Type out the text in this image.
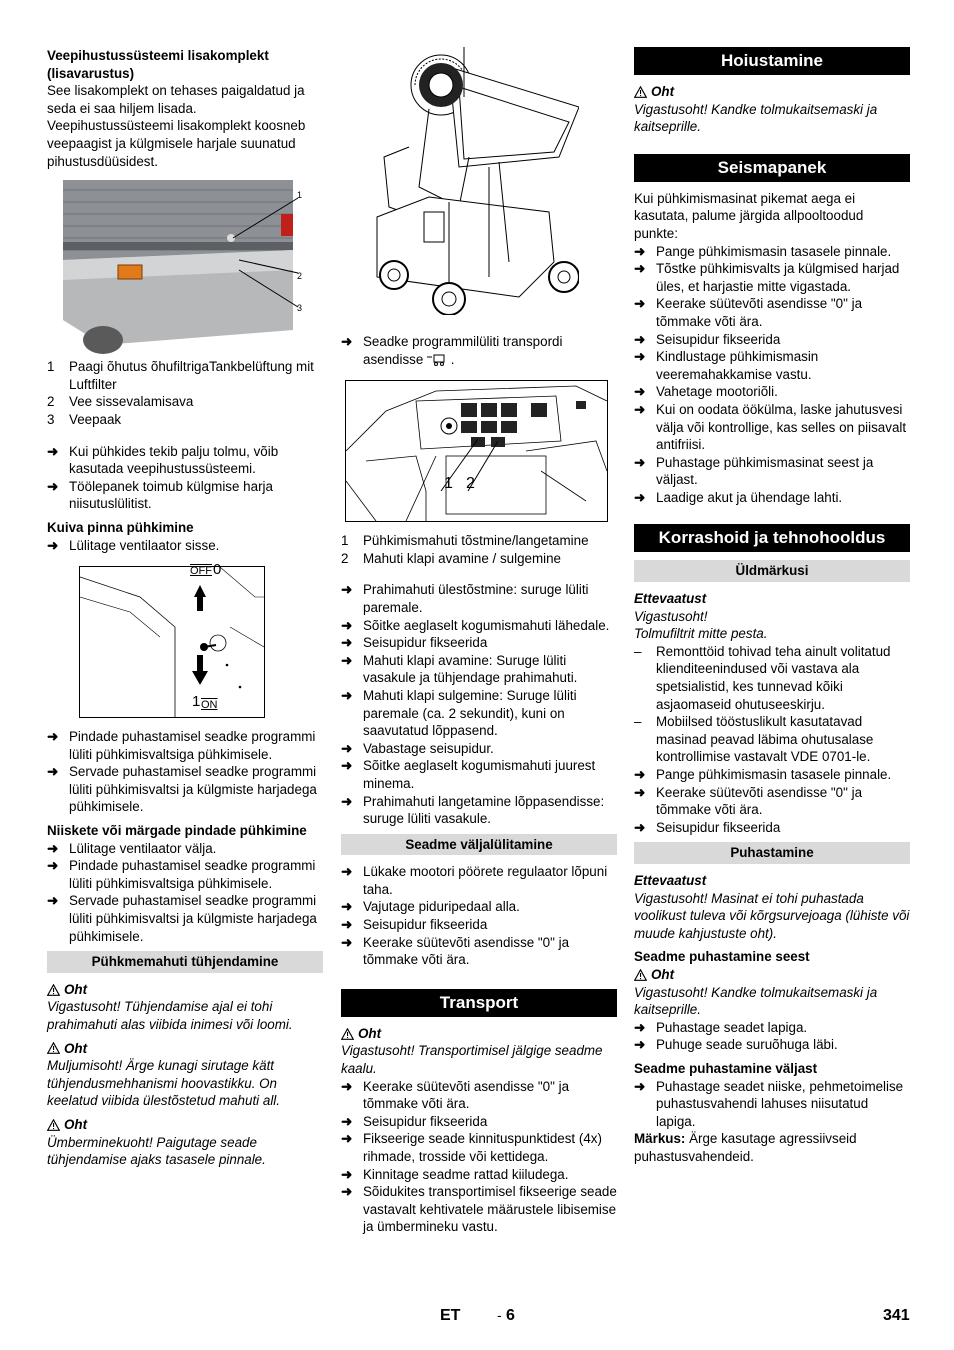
Veepihustussüsteemi lisakomplekt (lisavarustus)

See lisakomplekt on tehases paigaldatud ja seda ei saa hiljem lisada.

Veepihustussüsteemi lisakomplekt koosneb veepaagist ja külgmisele harjale suunatud pihustusdüüsidest.

1
2
3
1	Paagi õhutus õhufiltrigaTankbelüftung mit Luftfilter
2	Vee sissevalamisava
3	Veepaak
➜ Kui pühkides tekib palju tolmu, võib kasutada veepihustussüsteemi.
➜ Töölepanek toimub külgmise harja niisutuslülitist.

Kuiva pinna pühkimine

➜ Lülitage ventilaator sisse.
OFF 0
1 ON
➜ Pindade puhastamisel seadke programmi lüliti pühkimisvaltsiga pühkimisele.
➜ Servade puhastamisel seadke programmi lüliti pühkimisvaltsi ja külgmiste harjadega pühkimisele.

Niiskete või märgade pindade pühkimine

➜ Lülitage ventilaator välja.
➜ Pindade puhastamisel seadke programmi lüliti pühkimisvaltsiga pühkimisele.
➜ Servade puhastamisel seadke programmi lüliti pühkimisvaltsi ja külgmiste harjadega pühkimisele.
Pühkmemahuti tühjendamine
Oht

Vigastusoht! Tühjendamise ajal ei tohi prahimahuti alas viibida inimesi või loomi.

Oht

Muljumisoht! Ärge kunagi sirutage kätt tühjendusmehhanismi hoovastikku. On keelatud viibida ülestõstetud mahuti all.

Oht

Ümberminekuoht! Paigutage seade tühjendamise ajaks tasasele pinnale.

➜ Seadke programmilüliti transpordi asendisse  .
1 2
1	Pühkimismahuti tõstmine/langetamine
2	Mahuti klapi avamine / sulgemine
➜ Prahimahuti ülestõstmine: suruge lüliti paremale.
➜ Sõitke aeglaselt kogumismahuti lähedale.
➜ Seisupidur fikseerida
➜ Mahuti klapi avamine: Suruge lüliti vasakule ja tühjendage prahimahuti.
➜ Mahuti klapi sulgemine: Suruge lüliti paremale (ca. 2 sekundit), kuni on saavutatud lõppasend.
➜ Vabastage seisupidur.
➜ Sõitke aeglaselt kogumismahuti juurest minema.
➜ Prahimahuti langetamine lõppasendisse: suruge lüliti vasakule.
Seadme väljalülitamine
➜ Lükake mootori pöörete regulaator lõpuni taha.
➜ Vajutage piduripedaal alla.
➜ Seisupidur fikseerida
➜ Keerake süütevõti asendisse "0" ja tõmmake võti ära.
Transport
Oht

Vigastusoht! Transportimisel jälgige seadme kaalu.

➜ Keerake süütevõti asendisse "0" ja tõmmake võti ära.
➜ Seisupidur fikseerida
➜ Fikseerige seade kinnituspunktidest (4x) rihmade, trosside või kettidega.
➜ Kinnitage seadme rattad kiiludega.
➜ Sõidukites transportimisel fikseerige seade vastavalt kehtivatele määrustele libisemise ja ümbermineku vastu.
Hoiustamine
Oht

Vigastusoht! Kandke tolmukaitsemaski ja kaitseprille.

Seismapanek

Kui pühkimismasinat pikemat aega ei kasutata, palume järgida allpooltoodud punkte:

➜ Pange pühkimismasin tasasele pinnale.
➜ Tõstke pühkimisvalts ja külgmised harjad üles, et harjastie mitte vigastada.
➜ Keerake süütevõti asendisse "0" ja tõmmake võti ära.
➜ Seisupidur fikseerida
➜ Kindlustage pühkimismasin veeremahakkamise vastu.
➜ Vahetage mootoriõli.
➜ Kui on oodata öökülma, laske jahutusvesi välja või kontrollige, kas selles on piisavalt antifriisi.
➜ Puhastage pühkimismasinat seest ja väljast.
➜ Laadige akut ja ühendage lahti.
Korrashoid ja tehnohooldus
Üldmärkusi

Ettevaatust

Vigastusoht!

Tolmufiltrit mitte pesta.

–	Remonttöid tohivad teha ainult volitatud klienditeenindused või vastava ala spetsialistid, kes tunnevad kõiki asjaomaseid ohutuseeskirju.
–	Mobiilsed tööstuslikult kasutatavad masinad peavad läbima ohutusalase kontrollimise vastavalt VDE 0701-le.
➜ Pange pühkimismasin tasasele pinnale.
➜ Keerake süütevõti asendisse "0" ja tõmmake võti ära.
➜ Seisupidur fikseerida
Puhastamine

Ettevaatust

Vigastusoht! Masinat ei tohi puhastada voolikust tuleva või kõrgsurvejoaga (lühiste või muude kahjustuste oht).

Seadme puhastamine seest

Oht

Vigastusoht! Kandke tolmukaitsemaski ja kaitseprille.

➜ Puhastage seadet lapiga.
➜ Puhuge seade suruõhuga läbi.

Seadme puhastamine väljast

➜ Puhastage seadet niiske, pehmetoimelise puhastusvahendi lahuses niisutatud lapiga.

Märkus: Ärge kasutage agressiivseid puhastusvahendeid.

ET	- 6	341
